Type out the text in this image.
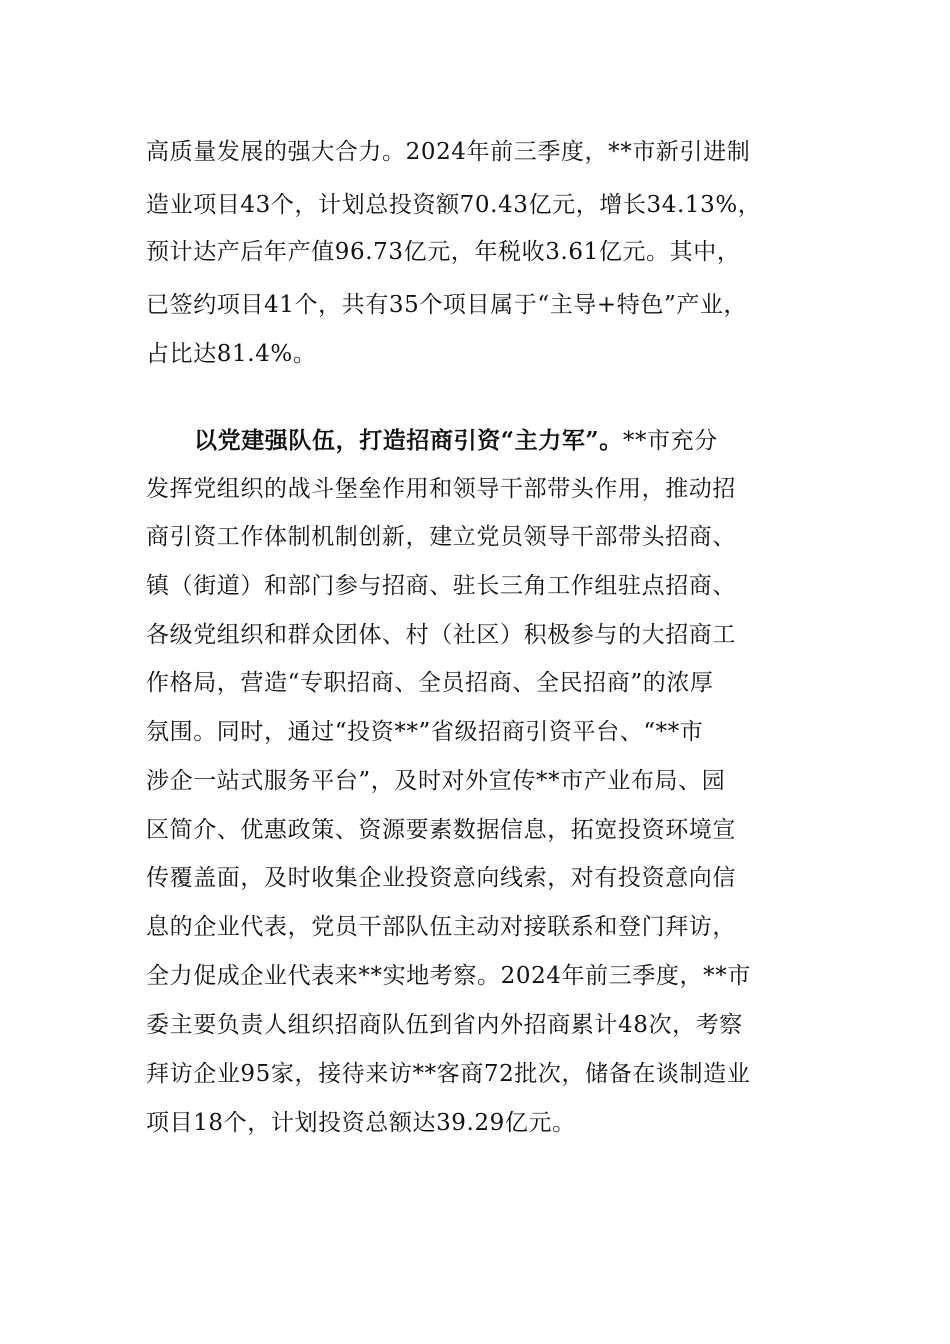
高质量发展的强大合力。2024年前三季度，**市新引进制
造业项目43个，计划总投资额70.43亿元，增长34.13%，
预计达产后年产值96.73亿元，年税收3.61亿元。其中，
已签约项目41个，共有35个项目属于“主导+特色”产业，
占比达81.4%。
以党建强队伍，打造招商引资“主力军”。**市充分
发挥党组织的战斗堡垒作用和领导干部带头作用，推动招
商引资工作体制机制创新，建立党员领导干部带头招商、
镇（街道）和部门参与招商、驻长三角工作组驻点招商、
各级党组织和群众团体、村（社区）积极参与的大招商工
作格局，营造“专职招商、全员招商、全民招商”的浓厚
氛围。同时，通过“投资**”省级招商引资平台、“**市
涉企一站式服务平台”，及时对外宣传**市产业布局、园
区简介、优惠政策、资源要素数据信息，拓宽投资环境宣
传覆盖面，及时收集企业投资意向线索，对有投资意向信
息的企业代表，党员干部队伍主动对接联系和登门拜访，
全力促成企业代表来**实地考察。2024年前三季度，**市
委主要负责人组织招商队伍到省内外招商累计48次，考察
拜访企业95家，接待来访**客商72批次，储备在谈制造业
项目18个，计划投资总额达39.29亿元。
